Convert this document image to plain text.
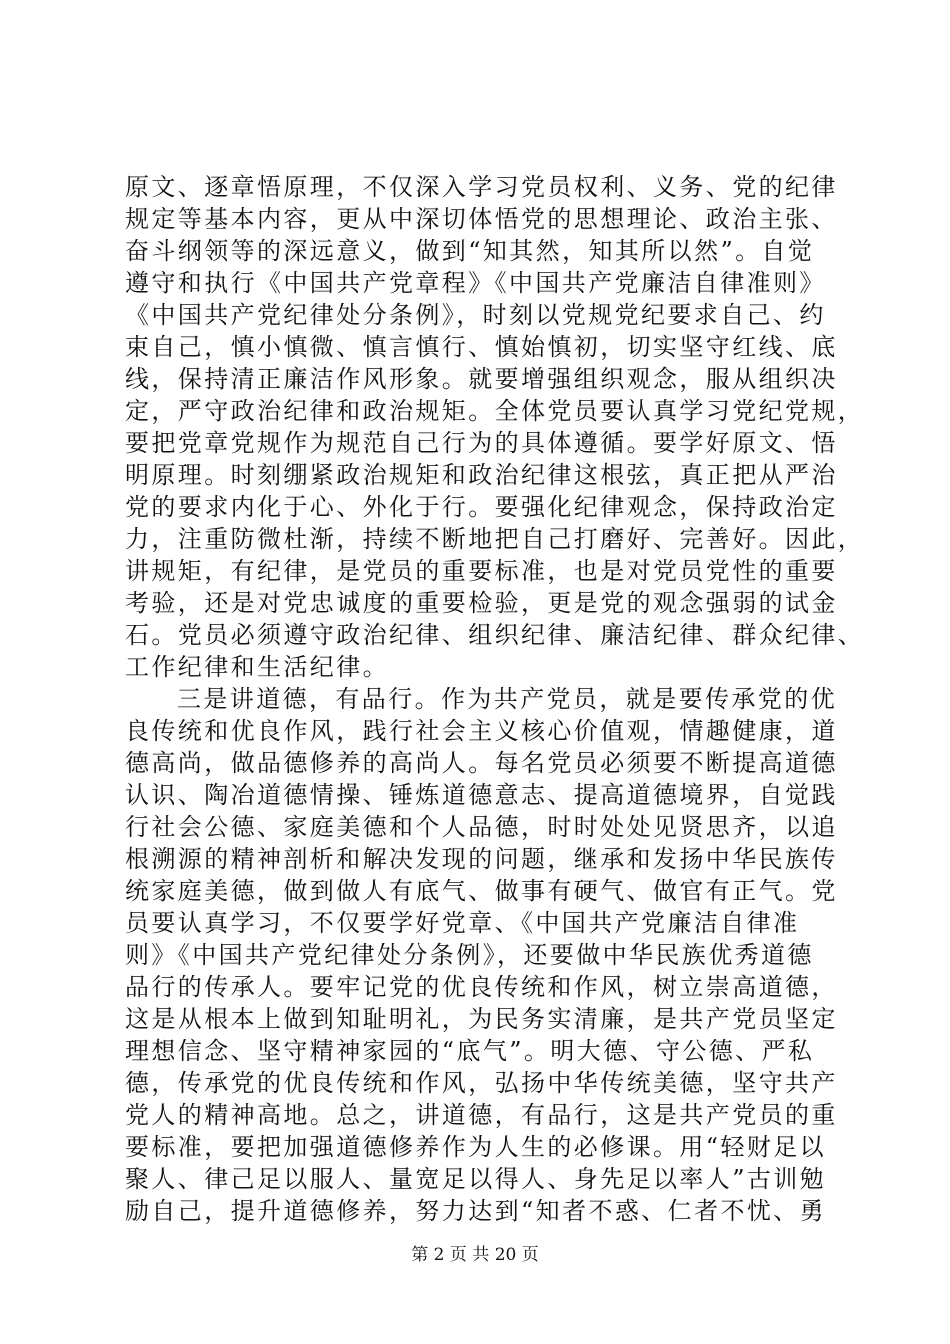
原文、逐章悟原理，不仅深入学习党员权利、义务、党的纪律
规定等基本内容，更从中深切体悟党的思想理论、政治主张、
奋斗纲领等的深远意义，做到“知其然，知其所以然”。自觉
遵守和执行《中国共产党章程》《中国共产党廉洁自律准则》
《中国共产党纪律处分条例》，时刻以党规党纪要求自己、约
束自己，慎小慎微、慎言慎行、慎始慎初，切实坚守红线、底
线，保持清正廉洁作风形象。就要增强组织观念，服从组织决
定，严守政治纪律和政治规矩。全体党员要认真学习党纪党规，
要把党章党规作为规范自己行为的具体遵循。要学好原文、悟
明原理。时刻绷紧政治规矩和政治纪律这根弦，真正把从严治
党的要求内化于心、外化于行。要强化纪律观念，保持政治定
力，注重防微杜渐，持续不断地把自己打磨好、完善好。因此，
讲规矩，有纪律，是党员的重要标准，也是对党员党性的重要
考验，还是对党忠诚度的重要检验，更是党的观念强弱的试金
石。党员必须遵守政治纪律、组织纪律、廉洁纪律、群众纪律、
工作纪律和生活纪律。
三是讲道德，有品行。作为共产党员，就是要传承党的优
良传统和优良作风，践行社会主义核心价值观，情趣健康，道
德高尚，做品德修养的高尚人。每名党员必须要不断提高道德
认识、陶冶道德情操、锤炼道德意志、提高道德境界，自觉践
行社会公德、家庭美德和个人品德，时时处处见贤思齐，以追
根溯源的精神剖析和解决发现的问题，继承和发扬中华民族传
统家庭美德，做到做人有底气、做事有硬气、做官有正气。党
员要认真学习，不仅要学好党章、《中国共产党廉洁自律准
则》《中国共产党纪律处分条例》，还要做中华民族优秀道德
品行的传承人。要牢记党的优良传统和作风，树立崇高道德，
这是从根本上做到知耻明礼，为民务实清廉，是共产党员坚定
理想信念、坚守精神家园的“底气”。明大德、守公德、严私
德，传承党的优良传统和作风，弘扬中华传统美德，坚守共产
党人的精神高地。总之，讲道德，有品行，这是共产党员的重
要标准，要把加强道德修养作为人生的必修课。用“轻财足以
聚人、律己足以服人、量宽足以得人、身先足以率人”古训勉
励自己，提升道德修养，努力达到“知者不惑、仁者不忧、勇
第 2 页 共 20 页
